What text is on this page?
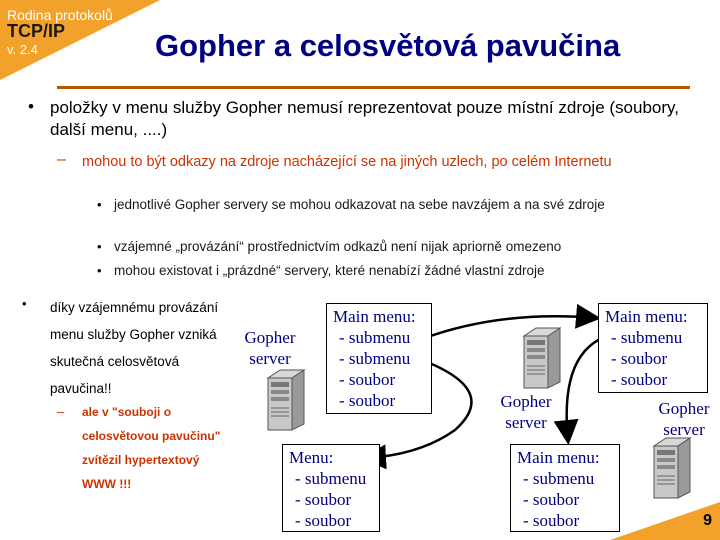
Rodina protokolů
TCP/IP
v. 2.4	Gopher a celosvětová pavučina
• položky v menu služby Gopher nemusí reprezentovat pouze místní zdroje (soubory, další menu, ....)
– mohou to být odkazy na zdroje nacházející se na jiných uzlech, po celém Internetu
• jednotlivé Gopher servery se mohou odkazovat na sebe navzájem a na své zdroje
• vzájemné „provázání“ prostřednictvím odkazů není nijak apriorně omezeno
• mohou existovat i „prázdné“ servery, které nenabízí žádné vlastní zdroje
• díky vzájemnému provázání menu služby Gopher vzniká skutečná celosvětová pavučina!!
– ale v "souboji o celosvětovou pavučinu" zvítězil hypertextový WWW !!!
Gopher server
Gopher server
Gopher server
Main menu:
- submenu
- submenu
- soubor
- soubor
Main menu:
- submenu
- soubor
- soubor
Menu:
- submenu
- soubor
- soubor
Main menu:
- submenu
- soubor
- soubor	9
